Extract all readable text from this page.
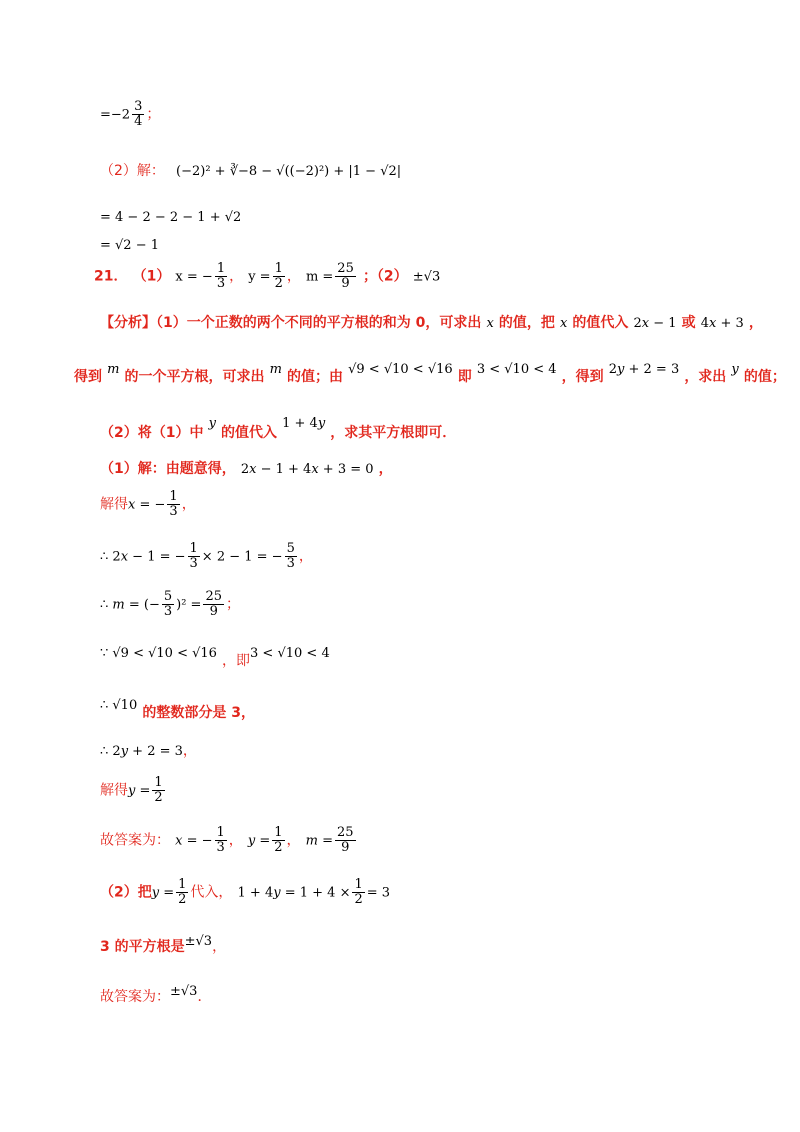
$=-2 \frac{3}{4}$ ；
（2）解： (−2)² + ∛−8 − √((−2)²) + |1 − √2|
= 4 − 2 − 2 − 1 + √2
= √2 − 1
21． （1） x = − $\frac{1}{3}$ ， $y = \frac{1}{2}$ ， $m = \frac{25}{9}$ ；（2） ±√3
【分析】（1）一个正数的两个不同的平方根的和为 0，可求出 x 的值，把 x 的值代入 2x − 1 或 4x + 3 ，
得到 $^m$ 的一个平方根，可求出 $^m$ 的值；由 $^{√9 < √10 < √16}$ 即 $^{3 < √10 < 4}$ ，得到 $^{2y + 2 = 3}$ ，求出 $^y$ 的值；
（2）将（1）中 $^y$ 的值代入 $^{1 + 4y}$ ，求其平方根即可．
（1）解：由题意得， 2x − 1 + 4x + 3 = 0 ，
解得x = − $\frac{1}{3}$ ，
∴ 2x − 1 = − $\frac{1}{3} \times 2 - 1$ = − $\frac{5}{3}$ ，
∴ m = (− $\frac{5}{3} )^2 = \frac{25}{9}$ ；
∵ √9 < √10 < √16 ，即3 < √10 < 4
∴ √10 的整数部分是 3，
∴ 2y + 2 = 3，
解得$y = \frac{1}{2}$
故答案为： x = − $\frac{1}{3}$ ， $y = \frac{1}{2}$ ， $m = \frac{25}{9}$
（2）把$y = \frac{1}{2}$ 代入， $1 + 4y = 1 + 4 \times \frac{1}{2} = 3$
3 的平方根是$^{\pm√3}$，
故答案为：$^{\pm√3}$．
